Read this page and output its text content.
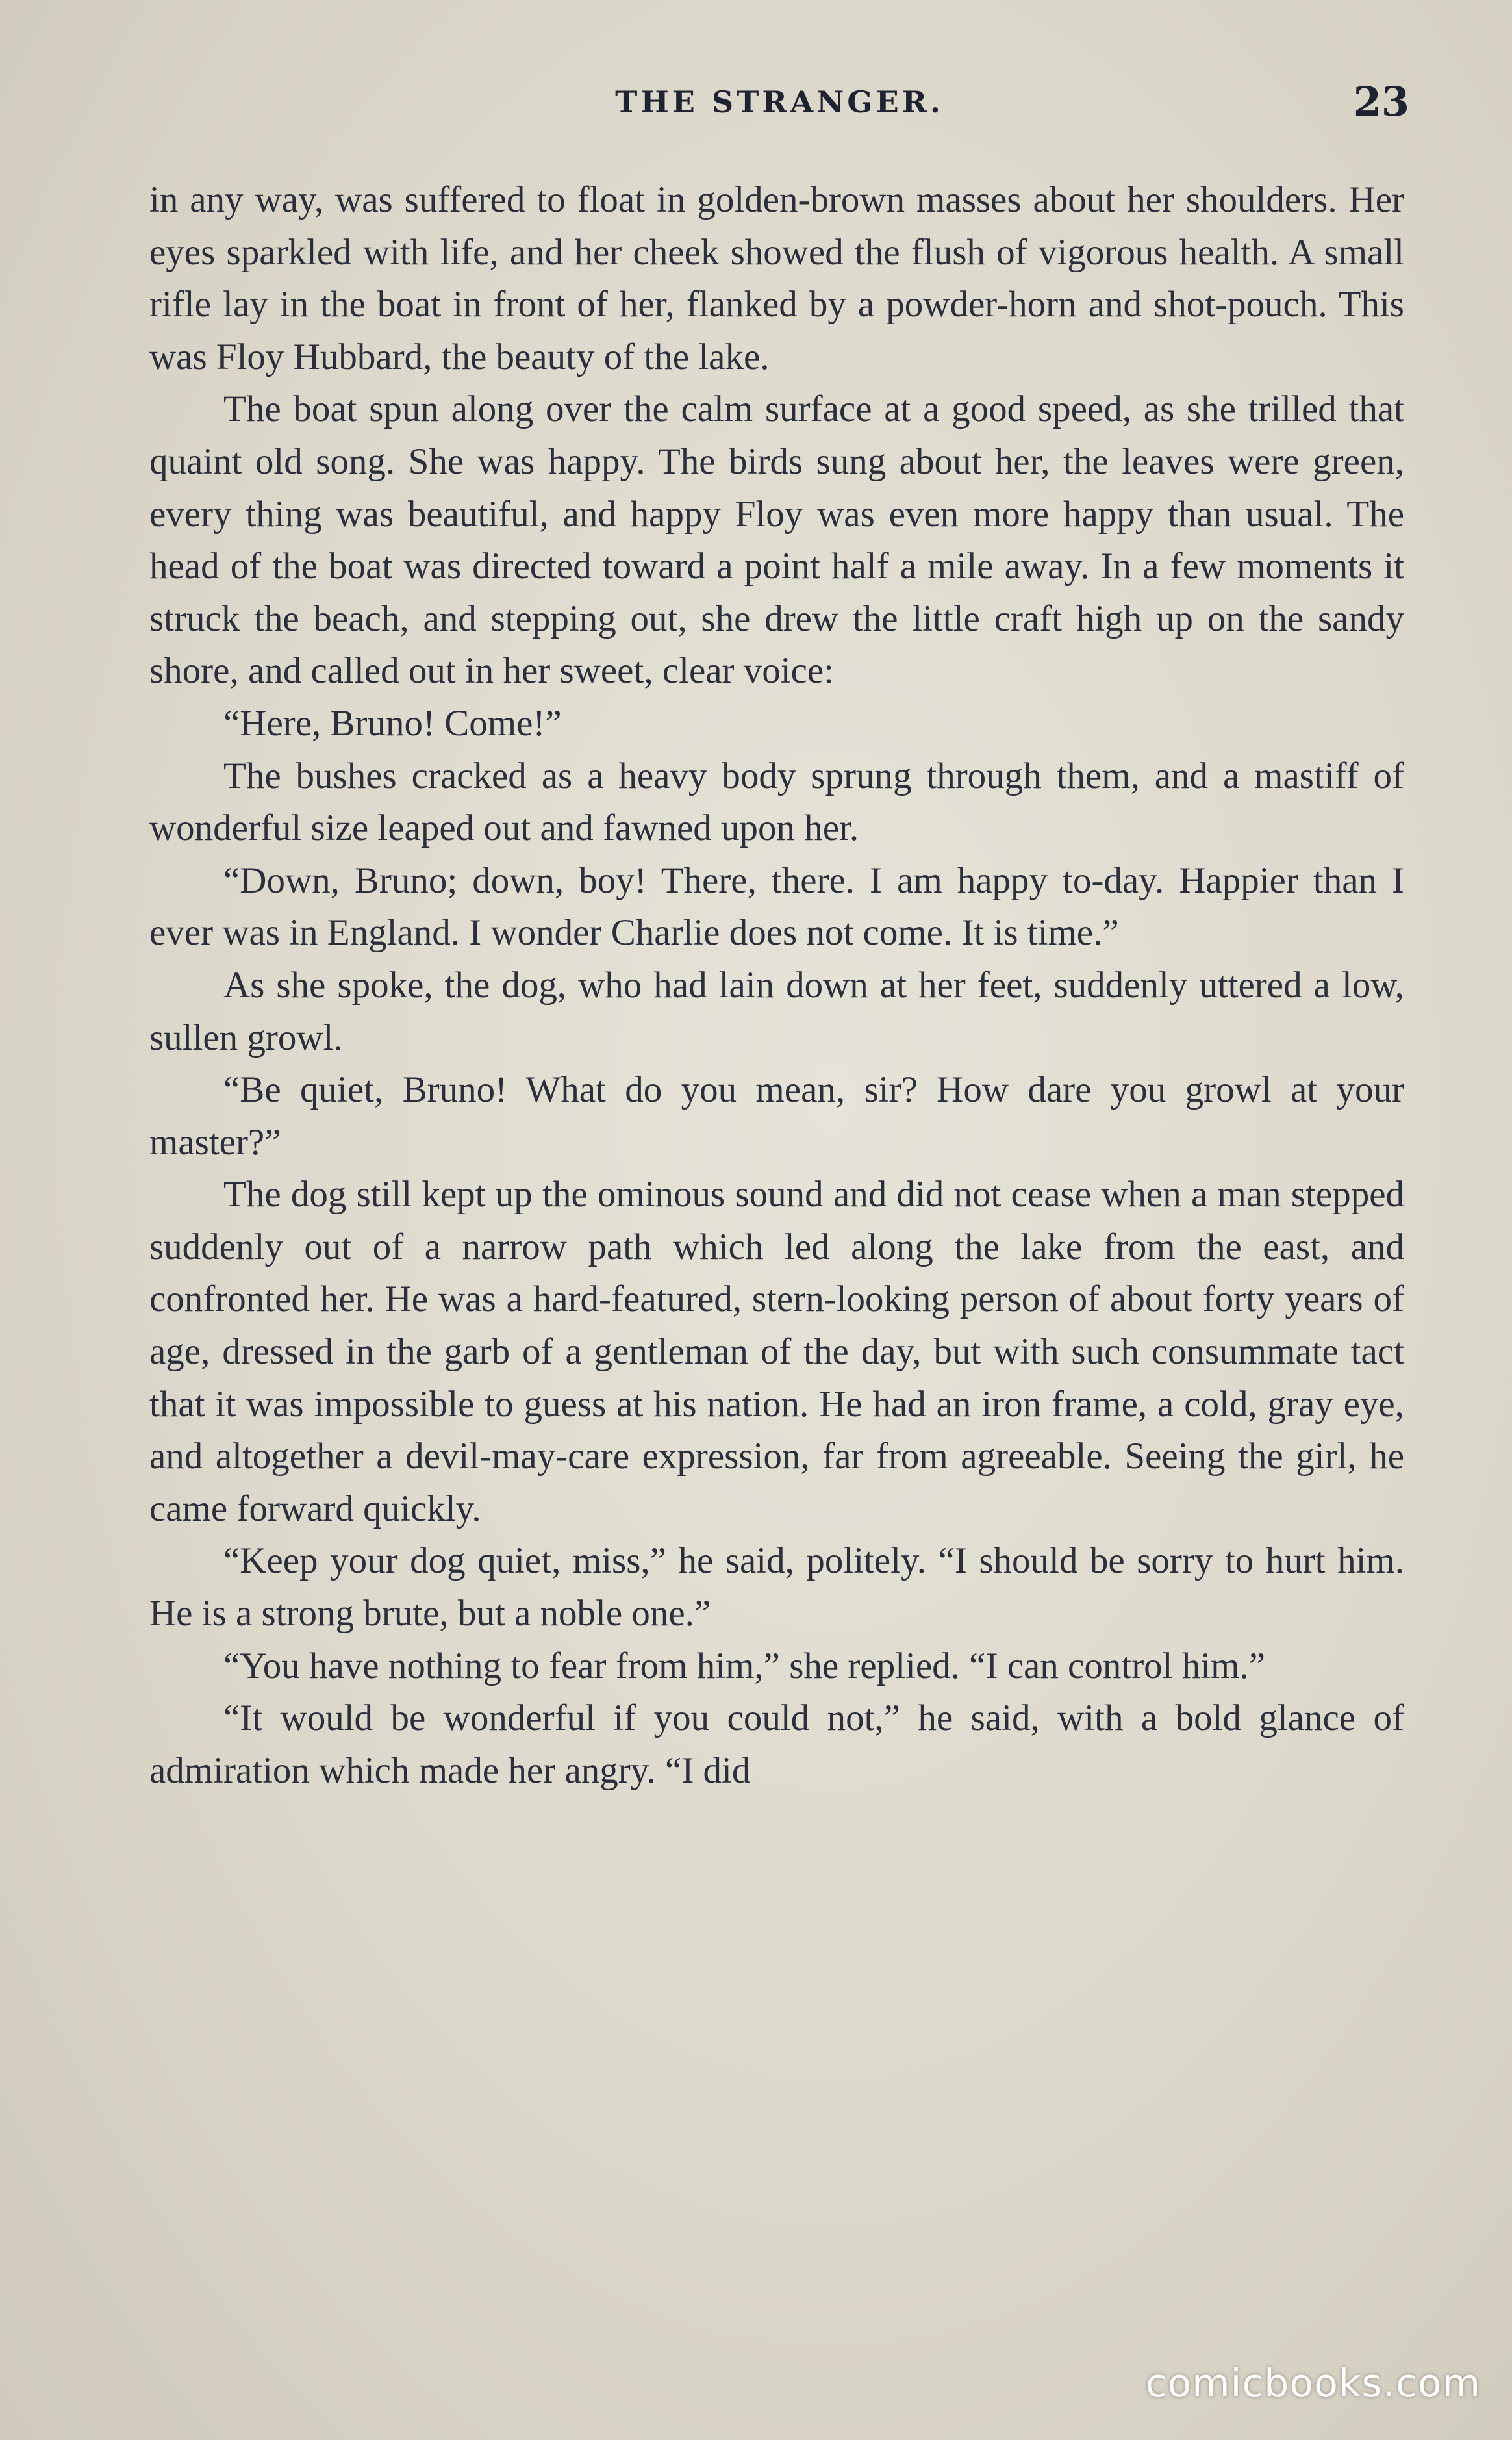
THE STRANGER.	23

in any way, was suffered to float in golden-brown masses about her shoulders. Her eyes sparkled with life, and her cheek showed the flush of vigorous health. A small rifle lay in the boat in front of her, flanked by a powder-horn and shot-pouch. This was Floy Hubbard, the beauty of the lake.

The boat spun along over the calm surface at a good speed, as she trilled that quaint old song. She was happy. The birds sung about her, the leaves were green, every thing was beautiful, and happy Floy was even more happy than usual. The head of the boat was directed toward a point half a mile away. In a few moments it struck the beach, and stepping out, she drew the little craft high up on the sandy shore, and called out in her sweet, clear voice:

“Here, Bruno! Come!”

The bushes cracked as a heavy body sprung through them, and a mastiff of wonderful size leaped out and fawned upon her.

“Down, Bruno; down, boy! There, there. I am happy to-day. Happier than I ever was in England. I wonder Charlie does not come. It is time.”

As she spoke, the dog, who had lain down at her feet, suddenly uttered a low, sullen growl.

“Be quiet, Bruno! What do you mean, sir? How dare you growl at your master?”

The dog still kept up the ominous sound and did not cease when a man stepped suddenly out of a narrow path which led along the lake from the east, and confronted her. He was a hard-featured, stern-looking person of about forty years of age, dressed in the garb of a gentleman of the day, but with such consummate tact that it was impossible to guess at his nation. He had an iron frame, a cold, gray eye, and altogether a devil-may-care expression, far from agreeable. Seeing the girl, he came forward quickly.

“Keep your dog quiet, miss,” he said, politely. “I should be sorry to hurt him. He is a strong brute, but a noble one.”

“You have nothing to fear from him,” she replied. “I can control him.”

“It would be wonderful if you could not,” he said, with a bold glance of admiration which made her angry. “I did

comicbooks.com
